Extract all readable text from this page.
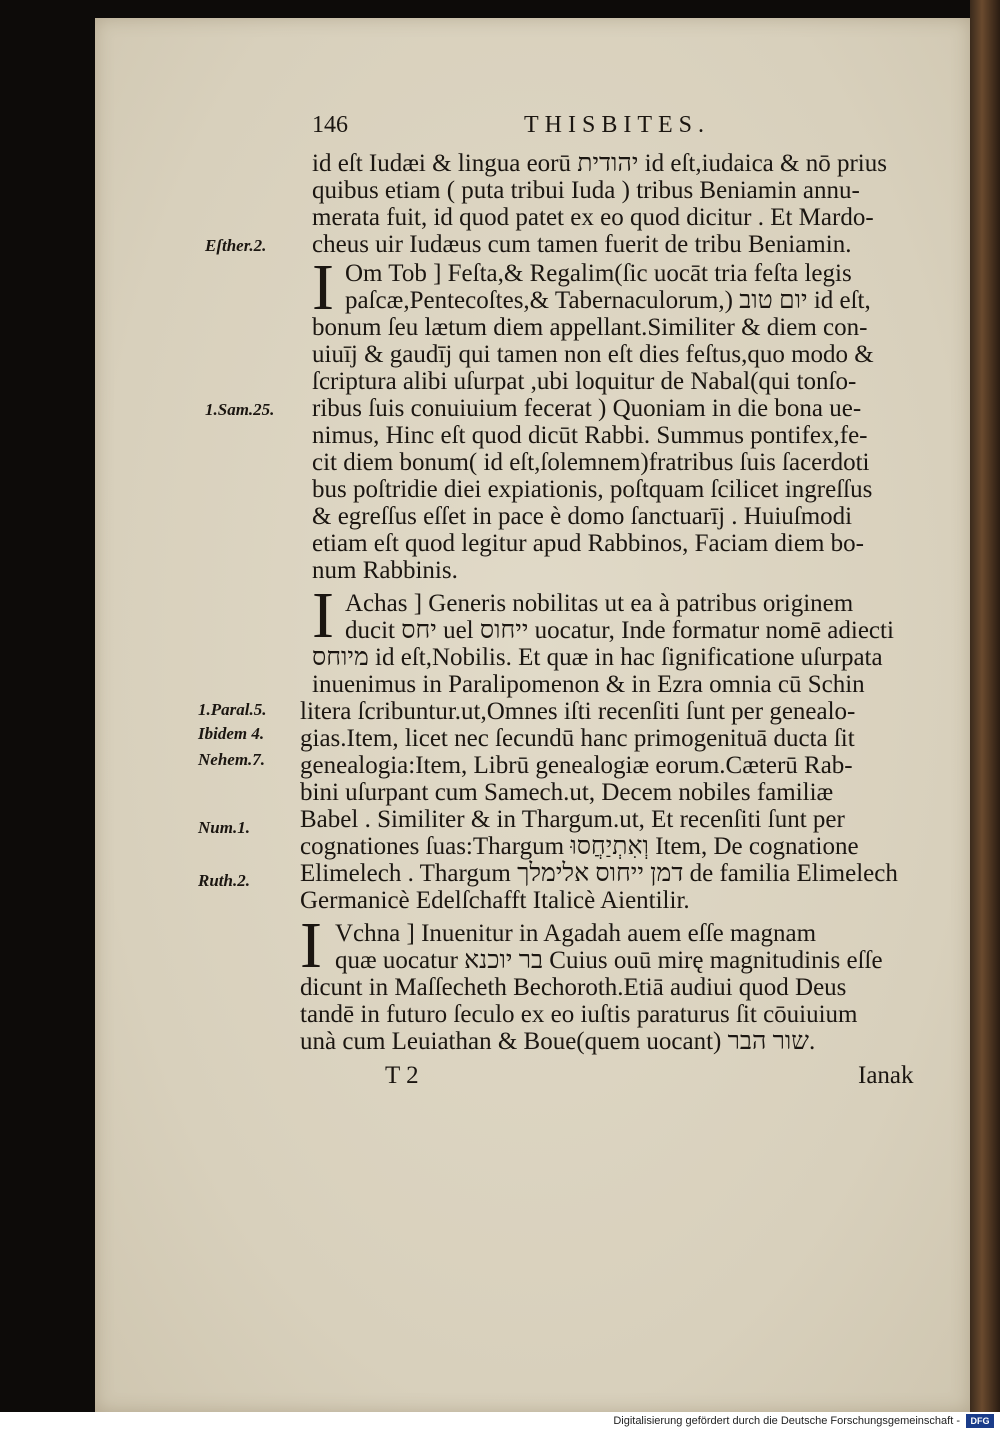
146	THISBITES.
id eſt Iudæi & lingua eorū יהודית id eſt,iudaica & nō prius
quibus etiam ( puta tribui Iuda ) tribus Beniamin annu-
merata fuit, id quod patet ex eo quod dicitur . Et Mardo-
cheus uir Iudæus cum tamen fuerit de tribu Beniamin.
I Om Tob ] Feſta,& Regalim(ſic uocāt tria feſta legis
paſcæ,Pentecoſtes,& Tabernaculorum,) יום טוב id eſt,
bonum ſeu lætum diem appellant.Similiter & diem con-
uiuīj & gaudīj qui tamen non eſt dies feſtus,quo modo &
ſcriptura alibi uſurpat ,ubi loquitur de Nabal(qui tonſo-
ribus ſuis conuiuium fecerat ) Quoniam in die bona ue-
nimus, Hinc eſt quod dicūt Rabbi. Summus pontifex,fe-
cit diem bonum( id eſt,ſolemnem)fratribus ſuis ſacerdoti
bus poſtridie diei expiationis, poſtquam ſcilicet ingreſſus
& egreſſus eſſet in pace è domo ſanctuarīj . Huiuſmodi
etiam eſt quod legitur apud Rabbinos, Faciam diem bo-
num Rabbinis.
I Achas ] Generis nobilitas ut ea à patribus originem
ducit יחס uel ייחוס uocatur, Inde formatur nomē adiecti
מיוחס id eſt,Nobilis. Et quæ in hac ſignificatione uſurpata
inuenimus in Paralipomenon & in Ezra omnia cū Schin
litera ſcribuntur.ut,Omnes iſti recenſiti ſunt per genealo-
gias.Item, licet nec ſecundū hanc primogenituā ducta ſit
genealogia:Item, Librū genealogiæ eorum.Cæterū Rab-
bini uſurpant cum Samech.ut, Decem nobiles familiæ
Babel . Similiter & in Thargum.ut, Et recenſiti ſunt per
cognationes ſuas:Thargum וְאִתְיַחֲסוּ Item, De cognatione
Elimelech . Thargum דמן ייחוס אלימלך de familia Elimelech
Germanicè Edelſchafft Italicè Aientilir.
I Vchna ] Inuenitur in Agadah auem eſſe magnam
quæ uocatur בר יוכנא Cuius ouū mirę magnitudinis eſſe
dicunt in Maſſecheth Bechoroth.Etiā audiui quod Deus
tandē in futuro ſeculo ex eo iuſtis paraturus ſit cōuiuium
unà cum Leuiathan & Boue(quem uocant) שור הבר.
Eſther.2.
1.Sam.25.
1.Paral.5.
Ibidem 4.
Nehem.7.
Num.1.
Ruth.2.
T 2	Ianak
Digitalisierung gefördert durch die Deutsche Forschungsgemeinschaft -	DFG
